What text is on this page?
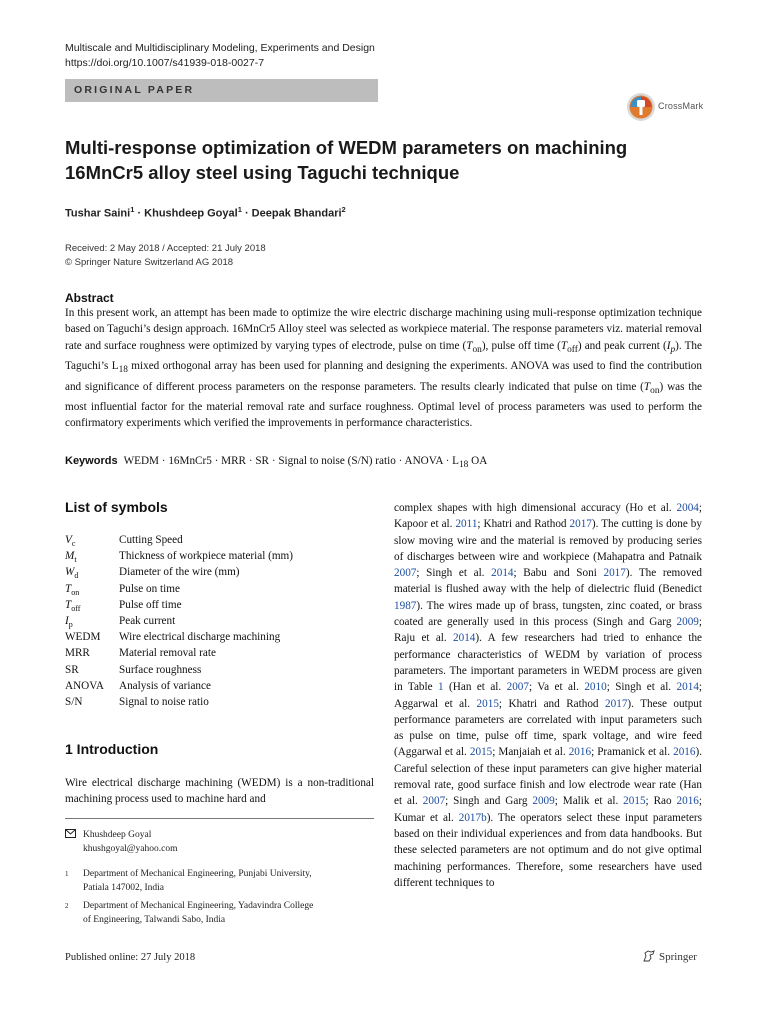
Multiscale and Multidisciplinary Modeling, Experiments and Design
https://doi.org/10.1007/s41939-018-0027-7
ORIGINAL PAPER
CrossMark
Multi-response optimization of WEDM parameters on machining
16MnCr5 alloy steel using Taguchi technique
Tushar Saini$^1$ · Khushdeep Goyal$^1$ · Deepak Bhandari$^2$
Received: 2 May 2018 / Accepted: 21 July 2018
© Springer Nature Switzerland AG 2018
Abstract
In this present work, an attempt has been made to optimize the wire electric discharge machining using muli-response optimization technique based on Taguchi’s design approach. 16MnCr5 Alloy steel was selected as workpiece material. The response parameters viz. material removal rate and surface roughness were optimized by varying types of electrode, pulse on time $(T_{on})$, pulse off time $(T_{off})$ and peak current $(I_p)$. The Taguchi’s $L_{18}$ mixed orthogonal array has been used for planning and designing the experiments. ANOVA was used to find the contribution and significance of different process parameters on the response parameters. The results clearly indicated that pulse on time $(T_{on})$ was the most influential factor for the material removal rate and surface roughness. Optimal level of process parameters was used to perform the confirmatory experiments which verified the improvements in performance characteristics.
Keywords WEDM · 16MnCr5 · MRR · SR · Signal to noise (S/N) ratio · ANOVA · $L_{18}$ OA
List of symbols
$V_c$	Cutting Speed
$M_t$	Thickness of workpiece material (mm)
$W_d$	Diameter of the wire (mm)
$T_{on}$	Pulse on time
$T_{off}$	Pulse off time
$I_p$	Peak current
WEDM	Wire electrical discharge machining
MRR	Material removal rate
SR	Surface roughness
ANOVA	Analysis of variance
S/N	Signal to noise ratio
1 Introduction
Wire electrical discharge machining (WEDM) is a non-traditional machining process used to machine hard and
Khushdeep Goyal
khushgoyal@yahoo.com
1	Department of Mechanical Engineering, Punjabi University,
Patiala 147002, India
2	Department of Mechanical Engineering, Yadavindra College
of Engineering, Talwandi Sabo, India
complex shapes with high dimensional accuracy (Ho et al. 2004; Kapoor et al. 2011; Khatri and Rathod 2017). The cutting is done by slow moving wire and the material is removed by producing series of discharges between wire and workpiece (Mahapatra and Patnaik 2007; Singh et al. 2014; Babu and Soni 2017). The removed material is flushed away with the help of dielectric fluid (Benedict 1987). The wires made up of brass, tungsten, zinc coated, or brass coated are generally used in this process (Singh and Garg 2009; Raju et al. 2014). A few researchers had tried to enhance the performance characteristics of WEDM by variation of process parameters. The important parameters in WEDM process are given in Table 1 (Han et al. 2007; Va et al. 2010; Singh et al. 2014; Aggarwal et al. 2015; Khatri and Rathod 2017). These output performance parameters are correlated with input parameters such as pulse on time, pulse off time, spark voltage, and wire feed (Aggarwal et al. 2015; Manjaiah et al. 2016; Pramanick et al. 2016). Careful selection of these input parameters can give higher material removal rate, good surface finish and low electrode wear rate (Han et al. 2007; Singh and Garg 2009; Malik et al. 2015; Rao 2016; Kumar et al. 2017b). The operators select these input parameters based on their individual experiences and from data handbooks. But these selected parameters are not optimum and do not give optimal machining performances. Therefore, some researchers have used different techniques to
Published online: 27 July 2018	Springer
